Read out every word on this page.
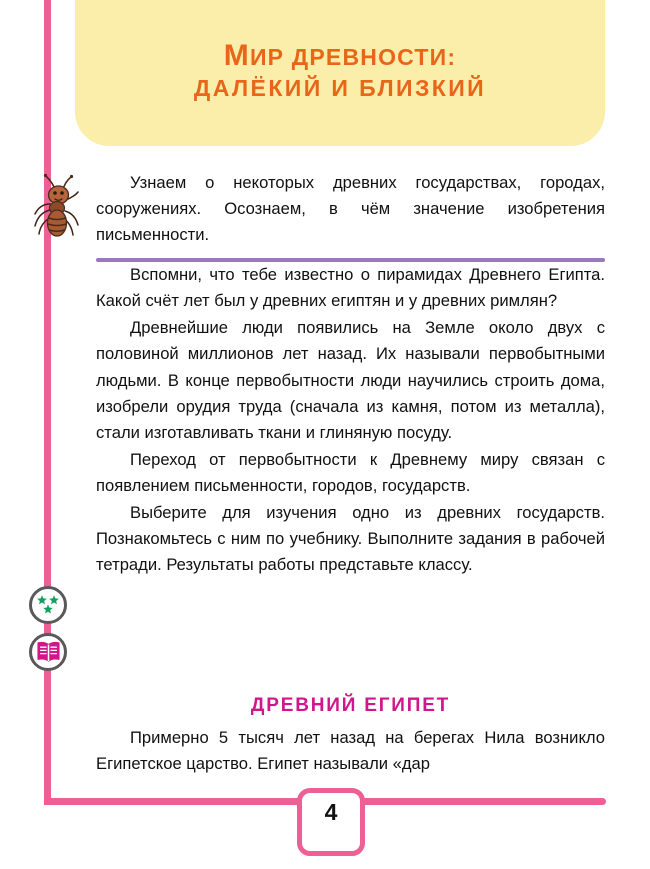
МИР ДРЕВНОСТИ:
ДАЛЁКИЙ И БЛИЗКИЙ

Узнаем о некоторых древних государствах, городах, сооружениях. Осознаем, в чём значение изобретения письменности.

Вспомни, что тебе известно о пирамидах Древнего Египта. Какой счёт лет был у древних египтян и у древних римлян?

Древнейшие люди появились на Земле около двух с половиной миллионов лет назад. Их называли первобытными людьми. В конце первобытности люди научились строить дома, изобрели орудия труда (сначала из камня, потом из металла), стали изготавливать ткани и глиняную посуду.

Переход от первобытности к Древнему миру связан с появлением письменности, городов, государств.

Выберите для изучения одно из древних государств. Познакомьтесь с ним по учебнику. Выполните задания в рабочей тетради. Результаты работы представьте классу.

ДРЕВНИЙ ЕГИПЕТ

Примерно 5 тысяч лет назад на берегах Нила возникло Египетское царство. Египет называли «дар

4
